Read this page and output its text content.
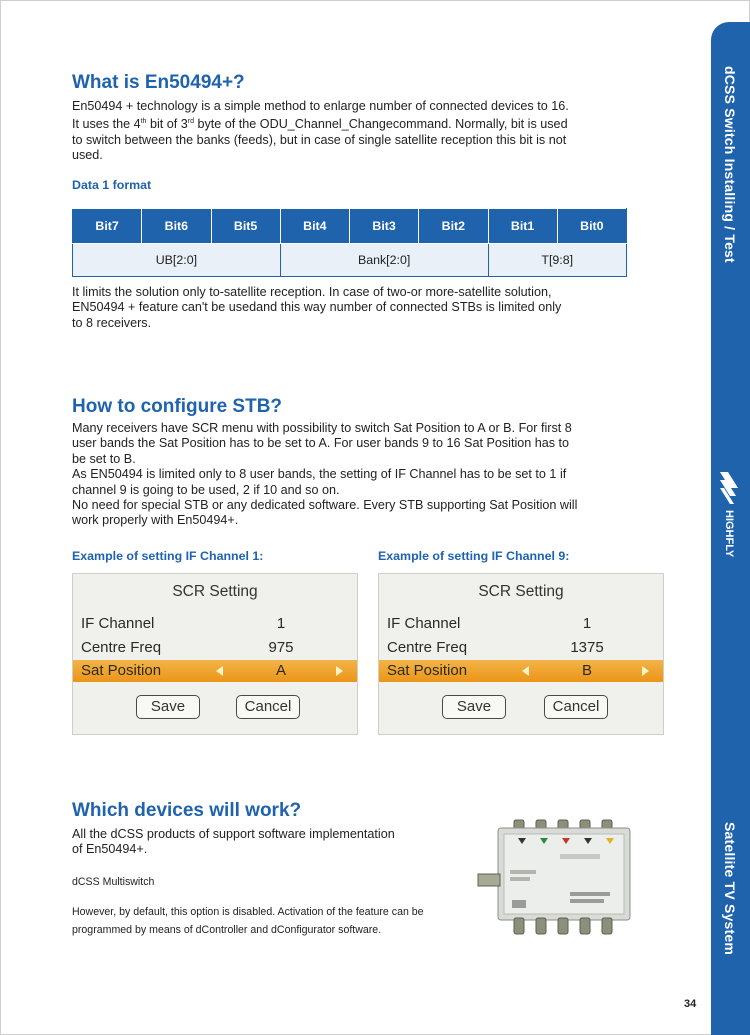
dCSS Switch Installing / Test
Satellite TV System
HIGHFLY
What is En50494+?

En50494 + technology is a simple method to enlarge number of connected devices to 16.
It uses the 4th bit of 3rd byte of the ODU_Channel_Changecommand. Normally, bit is used
to switch between the banks (feeds), but in case of single satellite reception this bit is not
used.

Data 1 format

Bit7	Bit6	Bit5	Bit4	Bit3	Bit2	Bit1	Bit0
UB[2:0]			Bank[2:0]			T[9:8]	

It limits the solution only to-satellite reception. In case of two-or more-satellite solution,
EN50494 + feature can't be usedand this way number of connected STBs is limited only
to 8 receivers.

How to configure STB?

Many receivers have SCR menu with possibility to switch Sat Position to A or B. For first 8
user bands the Sat Position has to be set to A. For user bands 9 to 16 Sat Position has to
be set to B.
As EN50494 is limited only to 8 user bands, the setting of IF Channel has to be set to 1 if
channel 9 is going to be used, 2 if 10 and so on.
No need for special STB or any dedicated software. Every STB supporting Sat Position will
work properly with En50494+.

Example of setting IF Channel 1:	Example of setting IF Channel 9:

SCR Setting
IF Channel	1
Centre Freq	975
Sat Position	A
Save	Cancel
SCR Setting
IF Channel	1
Centre Freq	1375
Sat Position	B
Save	Cancel
Which devices will work?

All the dCSS products of support software implementation
of En50494+.

dCSS Multiswitch

However, by default, this option is disabled. Activation of the feature can be
programmed by means of dController and dConfigurator software.

34
